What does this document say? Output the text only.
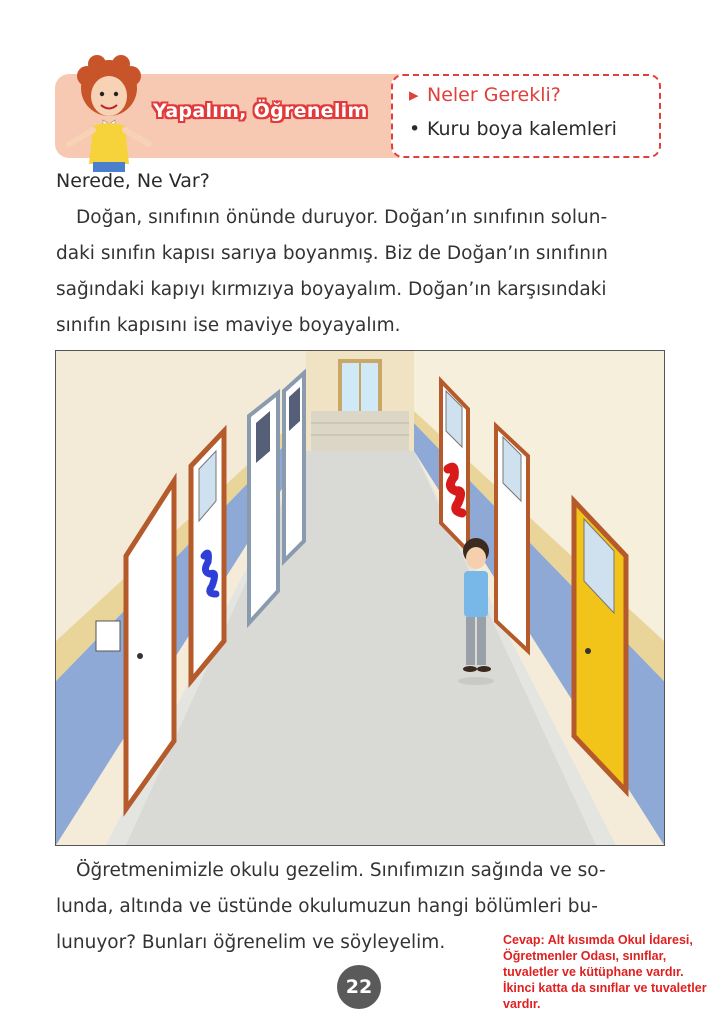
Yapalım, Öğrenelim
▸ Neler Gerekli?
• Kuru boya kalemleri
Nerede, Ne Var?
Doğan, sınıfının önünde duruyor. Doğan’ın sınıfının solun-
daki sınıfın kapısı sarıya boyanmış. Biz de Doğan’ın sınıfının
sağındaki kapıyı kırmızıya boyayalım. Doğan’ın karşısındaki
sınıfın kapısını ise maviye boyayalım.
Öğretmenimizle okulu gezelim. Sınıfımızın sağında ve so-
lunda, altında ve üstünde okulumuzun hangi bölümleri bu-
lunuyor? Bunları öğrenelim ve söyleyelim.
22
Cevap: Alt kısımda Okul İdaresi,
Öğretmenler Odası, sınıflar,
tuvaletler ve kütüphane vardır.
İkinci katta da sınıflar ve tuvaletler
vardır.
